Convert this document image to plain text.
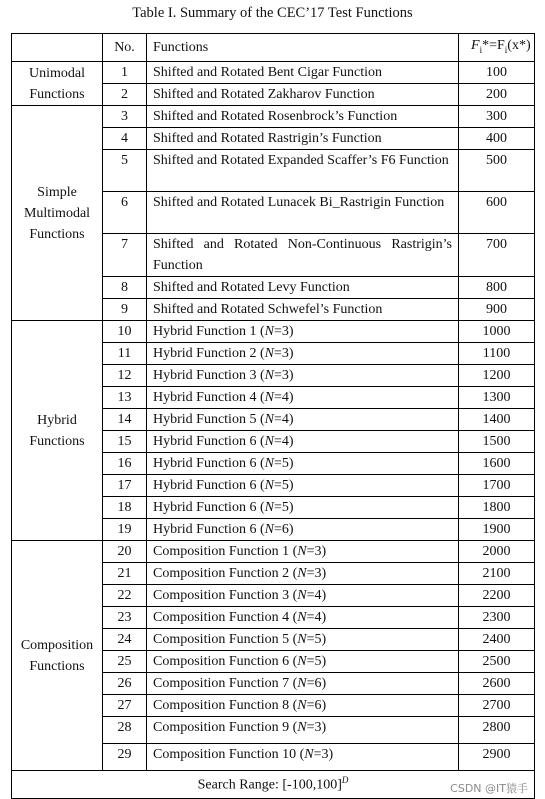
Table I. Summary of the CEC’17 Test Functions
	No.	Functions	$F_i*=F_i(x*)$

Unimodal
Functions	1	Shifted and Rotated Bent Cigar Function	100
	2	Shifted and Rotated Zakharov Function	200

Simple
Multimodal
Functions	3	Shifted and Rotated Rosenbrock’s Function	300
	4	Shifted and Rotated Rastrigin’s Function	400
	5	Shifted and Rotated Expanded Scaffer’s F6 Function	500
	6	Shifted and Rotated Lunacek Bi_Rastrigin Function	600
	7	Shifted and Rotated Non-Continuous Rastrigin’s Function	700
	8	Shifted and Rotated Levy Function	800
	9	Shifted and Rotated Schwefel’s Function	900

Hybrid
Functions	10	Hybrid Function 1 (N=3)	1000
	11	Hybrid Function 2 (N=3)	1100
	12	Hybrid Function 3 (N=3)	1200
	13	Hybrid Function 4 (N=4)	1300
	14	Hybrid Function 5 (N=4)	1400
	15	Hybrid Function 6 (N=4)	1500
	16	Hybrid Function 6 (N=5)	1600
	17	Hybrid Function 6 (N=5)	1700
	18	Hybrid Function 6 (N=5)	1800
	19	Hybrid Function 6 (N=6)	1900

Composition
Functions	20	Composition Function 1 (N=3)	2000
	21	Composition Function 2 (N=3)	2100
	22	Composition Function 3 (N=4)	2200
	23	Composition Function 4 (N=4)	2300
	24	Composition Function 5 (N=5)	2400
	25	Composition Function 6 (N=5)	2500
	26	Composition Function 7 (N=6)	2600
	27	Composition Function 8 (N=6)	2700
	28	Composition Function 9 (N=3)	2800
	29	Composition Function 10 (N=3)	2900
Search Range: $[-100,100]^D$
CSDN @IT猿手			
